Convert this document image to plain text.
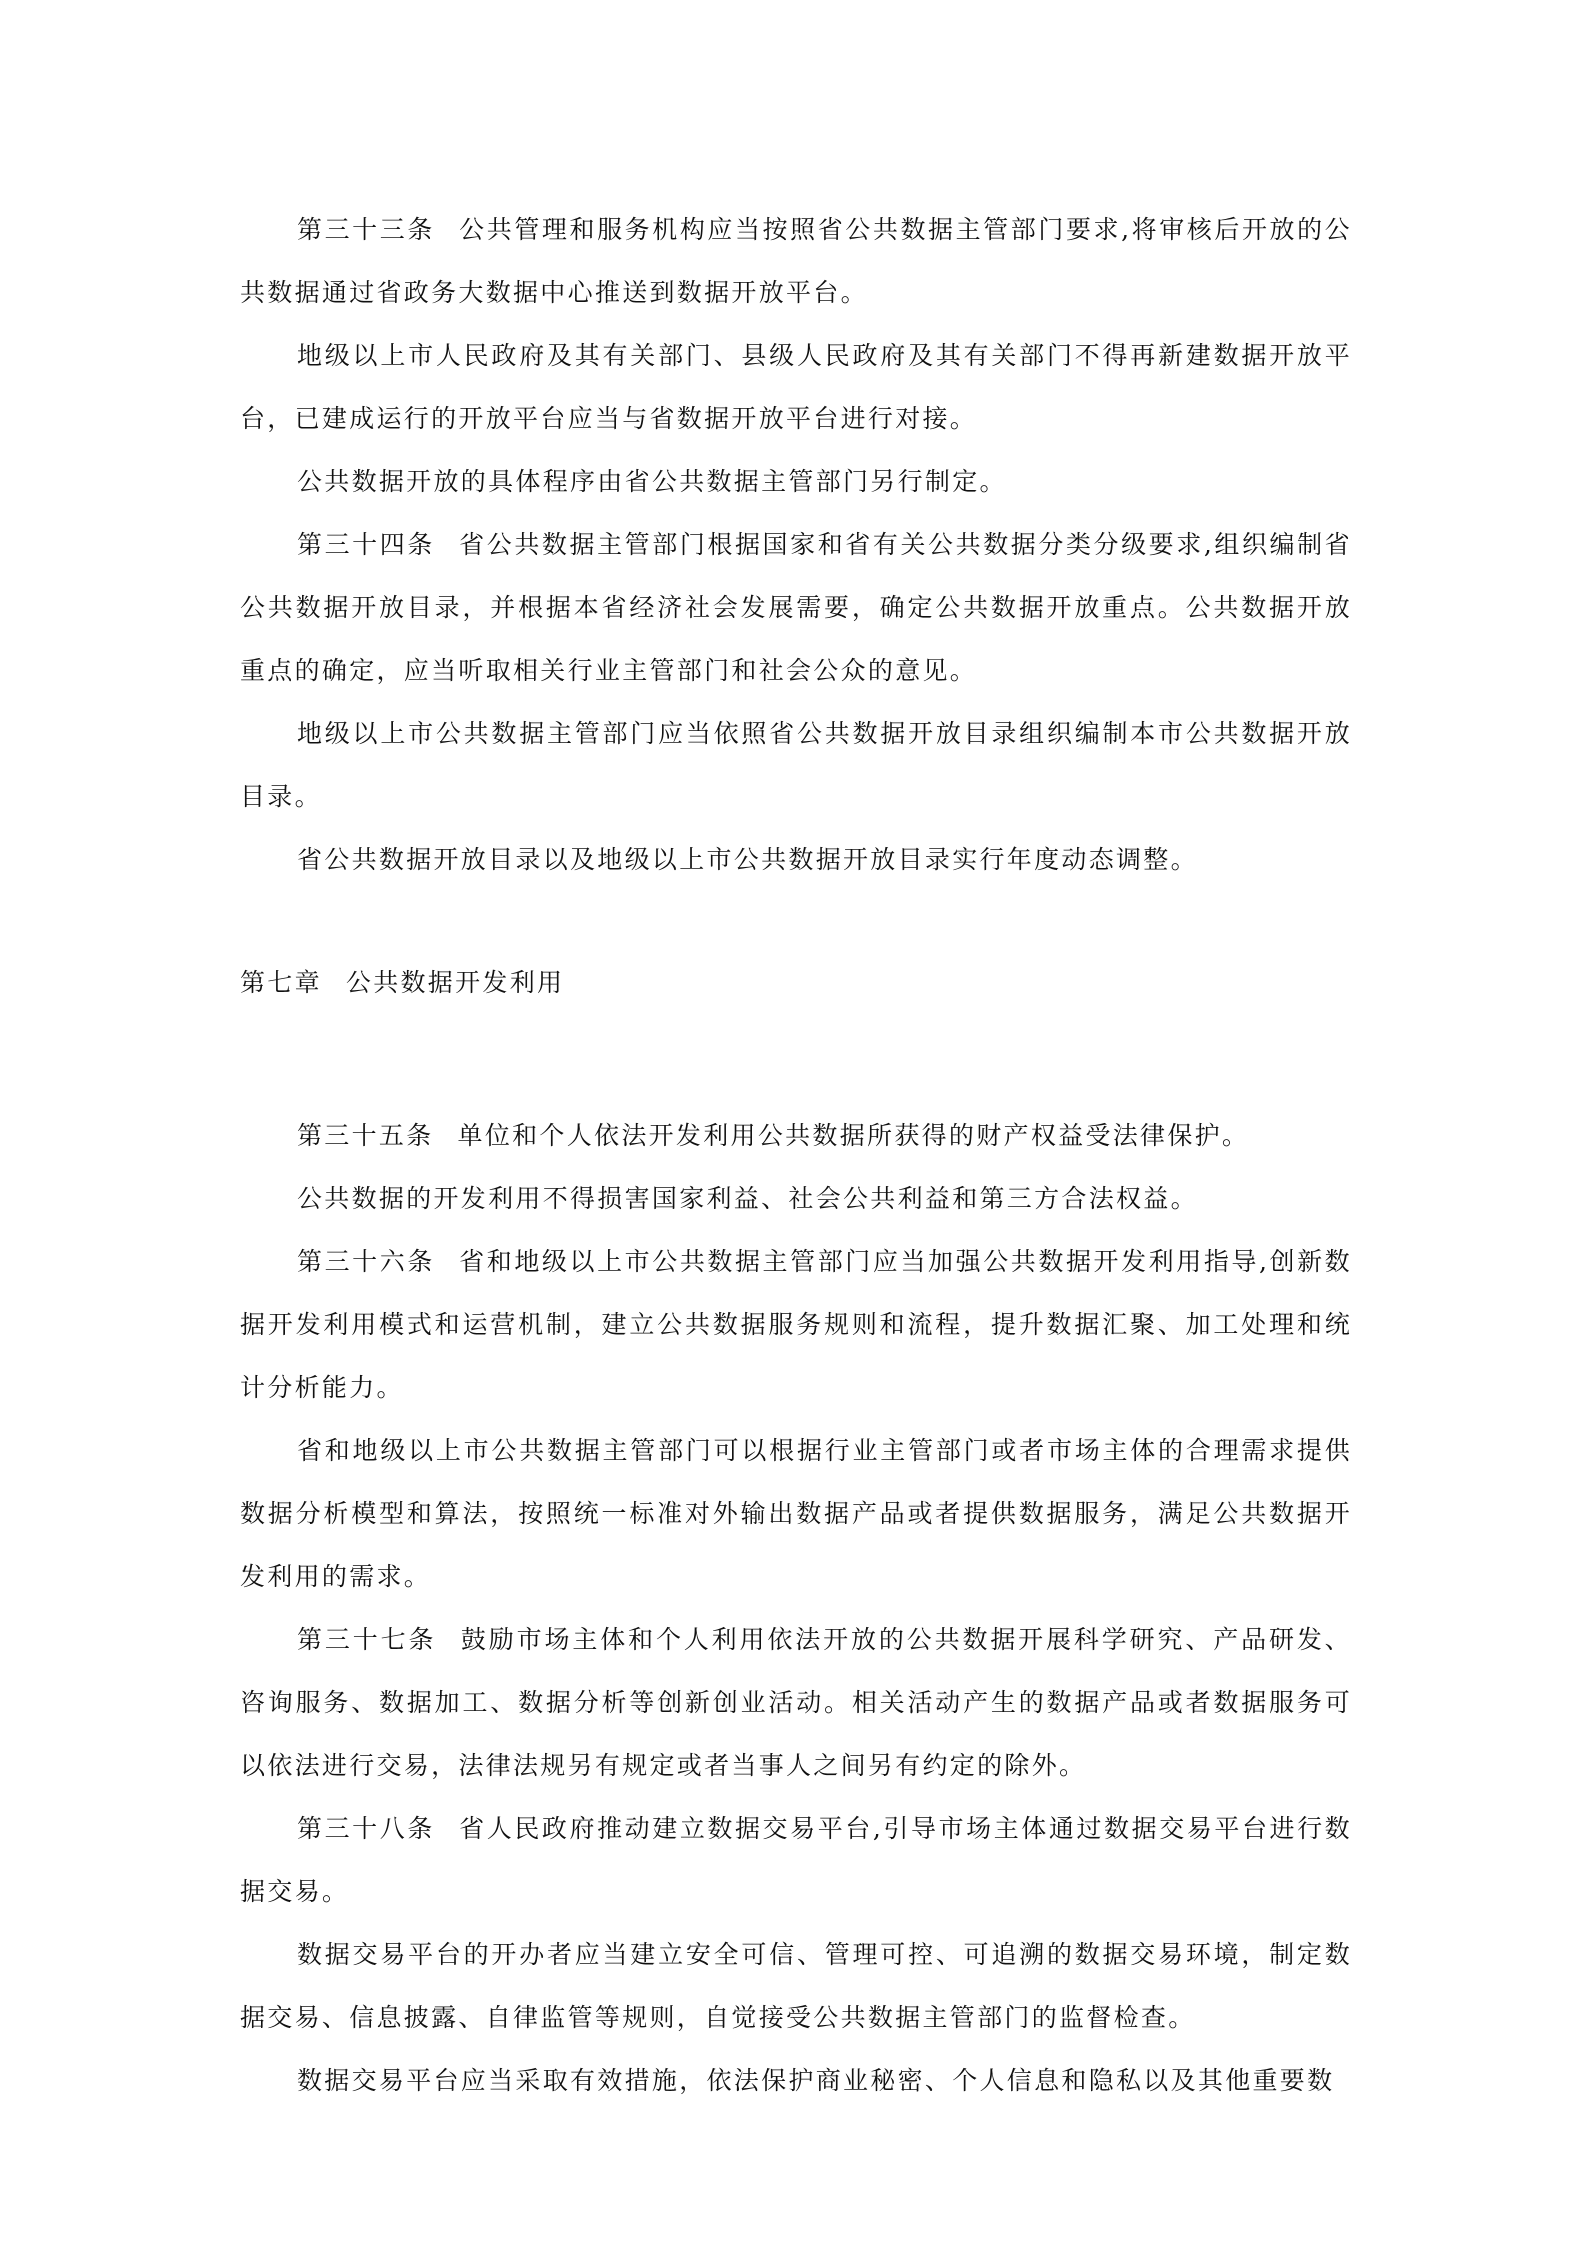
第三十三条 公共管理和服务机构应当按照省公共数据主管部门要求,将审核后开放的公共数据通过省政务大数据中心推送到数据开放平台。

地级以上市人民政府及其有关部门、县级人民政府及其有关部门不得再新建数据开放平台，已建成运行的开放平台应当与省数据开放平台进行对接。

公共数据开放的具体程序由省公共数据主管部门另行制定。

第三十四条 省公共数据主管部门根据国家和省有关公共数据分类分级要求,组织编制省公共数据开放目录，并根据本省经济社会发展需要，确定公共数据开放重点。公共数据开放重点的确定，应当听取相关行业主管部门和社会公众的意见。

地级以上市公共数据主管部门应当依照省公共数据开放目录组织编制本市公共数据开放目录。

省公共数据开放目录以及地级以上市公共数据开放目录实行年度动态调整。

第七章 公共数据开发利用

第三十五条 单位和个人依法开发利用公共数据所获得的财产权益受法律保护。

公共数据的开发利用不得损害国家利益、社会公共利益和第三方合法权益。

第三十六条 省和地级以上市公共数据主管部门应当加强公共数据开发利用指导,创新数据开发利用模式和运营机制，建立公共数据服务规则和流程，提升数据汇聚、加工处理和统计分析能力。

省和地级以上市公共数据主管部门可以根据行业主管部门或者市场主体的合理需求提供数据分析模型和算法，按照统一标准对外输出数据产品或者提供数据服务，满足公共数据开发利用的需求。

第三十七条 鼓励市场主体和个人利用依法开放的公共数据开展科学研究、产品研发、咨询服务、数据加工、数据分析等创新创业活动。相关活动产生的数据产品或者数据服务可以依法进行交易，法律法规另有规定或者当事人之间另有约定的除外。

第三十八条 省人民政府推动建立数据交易平台,引导市场主体通过数据交易平台进行数据交易。

数据交易平台的开办者应当建立安全可信、管理可控、可追溯的数据交易环境，制定数据交易、信息披露、自律监管等规则，自觉接受公共数据主管部门的监督检查。

数据交易平台应当采取有效措施，依法保护商业秘密、个人信息和隐私以及其他重要数
